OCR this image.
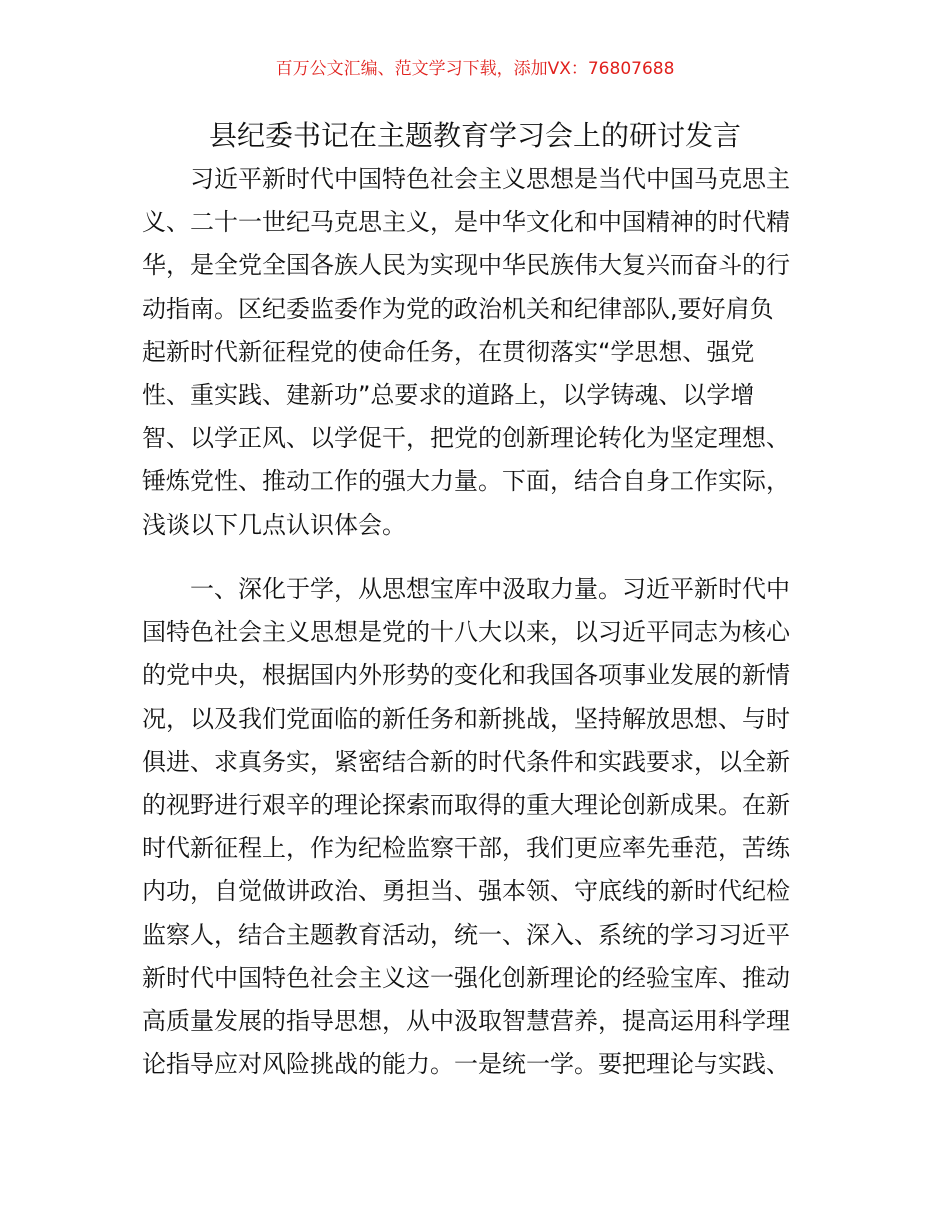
百万公文汇编、范文学习下载，添加VX：76807688
县纪委书记在主题教育学习会上的研讨发言
习近平新时代中国特色社会主义思想是当代中国马克思主
义、二十一世纪马克思主义，是中华文化和中国精神的时代精
华，是全党全国各族人民为实现中华民族伟大复兴而奋斗的行
动指南。区纪委监委作为党的政治机关和纪律部队,要好肩负
起新时代新征程党的使命任务，在贯彻落实“学思想、强党
性、重实践、建新功”总要求的道路上，以学铸魂、以学增
智、以学正风、以学促干，把党的创新理论转化为坚定理想、
锤炼党性、推动工作的强大力量。下面，结合自身工作实际，
浅谈以下几点认识体会。
一、深化于学，从思想宝库中汲取力量。习近平新时代中
国特色社会主义思想是党的十八大以来，以习近平同志为核心
的党中央，根据国内外形势的变化和我国各项事业发展的新情
况，以及我们党面临的新任务和新挑战，坚持解放思想、与时
俱进、求真务实，紧密结合新的时代条件和实践要求，以全新
的视野进行艰辛的理论探索而取得的重大理论创新成果。在新
时代新征程上，作为纪检监察干部，我们更应率先垂范，苦练
内功，自觉做讲政治、勇担当、强本领、守底线的新时代纪检
监察人，结合主题教育活动，统一、深入、系统的学习习近平
新时代中国特色社会主义这一强化创新理论的经验宝库、推动
高质量发展的指导思想，从中汲取智慧营养，提高运用科学理
论指导应对风险挑战的能力。一是统一学。要把理论与实践、
